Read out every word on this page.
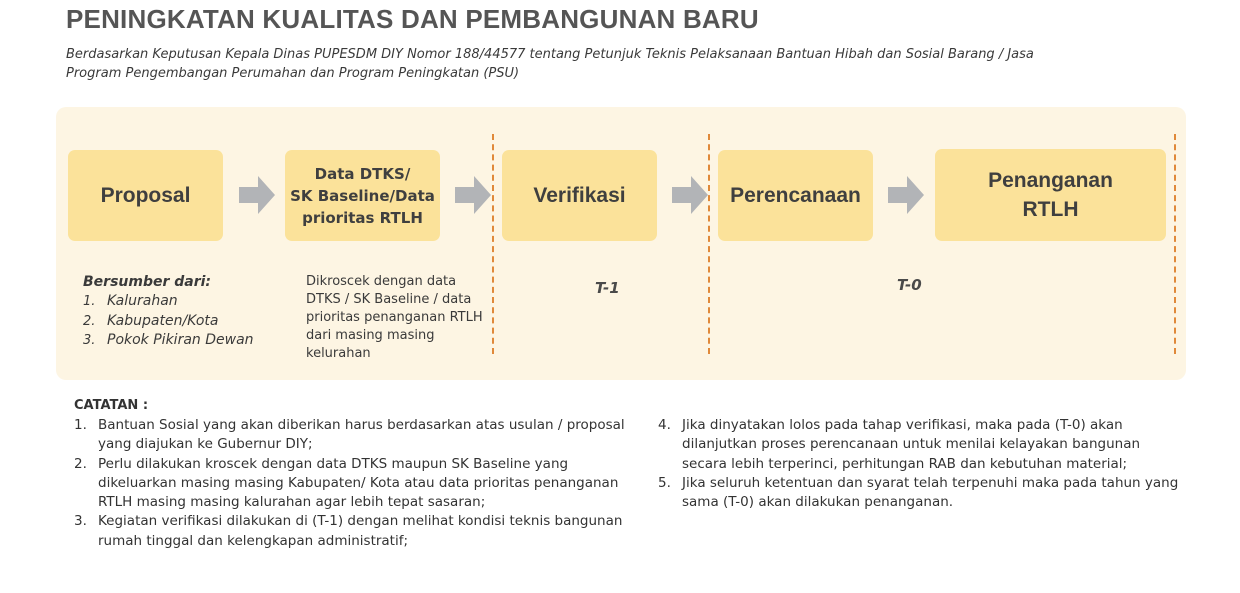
PENINGKATAN KUALITAS DAN PEMBANGUNAN BARU
Berdasarkan Keputusan Kepala Dinas PUPESDM DIY Nomor 188/44577 tentang Petunjuk Teknis Pelaksanaan Bantuan Hibah dan Sosial Barang / Jasa Program Pengembangan Perumahan dan Program Peningkatan (PSU)
Proposal
Data DTKS/
SK Baseline/Data
prioritas RTLH
Verifikasi	Perencanaan
Penanganan
RTLH
Bersumber dari:
1. Kalurahan
2. Kabupaten/Kota
3. Pokok Pikiran Dewan
Dikroscek dengan data DTKS / SK Baseline / data prioritas penanganan RTLH dari masing masing kelurahan
T-1	T-0
CATATAN :
1. Bantuan Sosial yang akan diberikan harus berdasarkan atas usulan / proposal yang diajukan ke Gubernur DIY;
2. Perlu dilakukan kroscek dengan data DTKS maupun SK Baseline yang dikeluarkan masing masing Kabupaten/ Kota atau data prioritas penanganan RTLH masing masing kalurahan agar lebih tepat sasaran;
3. Kegiatan verifikasi dilakukan di (T-1) dengan melihat kondisi teknis bangunan rumah tinggal dan kelengkapan administratif;
4. Jika dinyatakan lolos pada tahap verifikasi, maka pada (T-0) akan dilanjutkan proses perencanaan untuk menilai kelayakan bangunan secara lebih terperinci, perhitungan RAB dan kebutuhan material;
5. Jika seluruh ketentuan dan syarat telah terpenuhi maka pada tahun yang sama (T-0) akan dilakukan penanganan.
